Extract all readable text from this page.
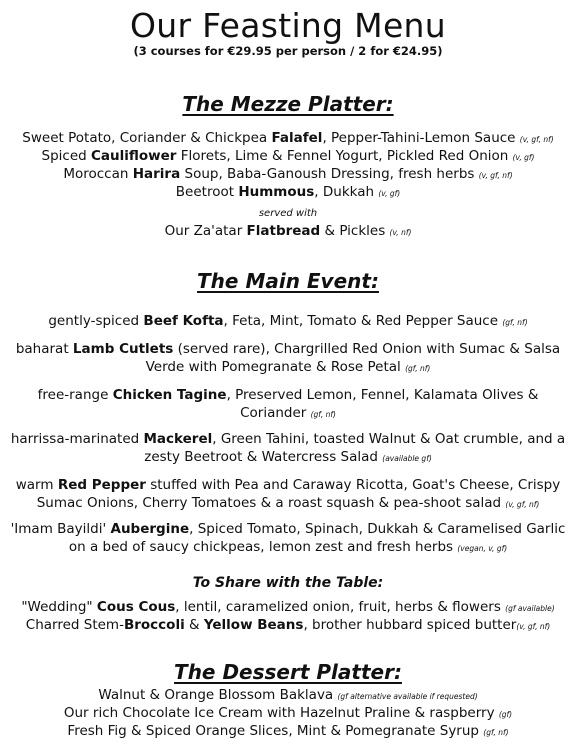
Our Feasting Menu
(3 courses for €29.95 per person / 2 for €24.95)
The Mezze Platter:
Sweet Potato, Coriander & Chickpea Falafel, Pepper-Tahini-Lemon Sauce (v, gf, nf)
Spiced Cauliflower Florets, Lime & Fennel Yogurt, Pickled Red Onion (v, gf)
Moroccan Harira Soup, Baba-Ganoush Dressing, fresh herbs (v, gf, nf)
Beetroot Hummous, Dukkah (v, gf)
served with
Our Za'atar Flatbread & Pickles (v, nf)
The Main Event:
gently-spiced Beef Kofta, Feta, Mint, Tomato & Red Pepper Sauce (gf, nf)
baharat Lamb Cutlets (served rare), Chargrilled Red Onion with Sumac & Salsa Verde with Pomegranate & Rose Petal (gf, nf)
free-range Chicken Tagine, Preserved Lemon, Fennel, Kalamata Olives & Coriander (gf, nf)
harrissa-marinated Mackerel, Green Tahini, toasted Walnut & Oat crumble, and a zesty Beetroot & Watercress Salad (available gf)
warm Red Pepper stuffed with Pea and Caraway Ricotta, Goat's Cheese, Crispy Sumac Onions, Cherry Tomatoes & a roast squash & pea-shoot salad (v, gf, nf)
'Imam Bayildi' Aubergine, Spiced Tomato, Spinach, Dukkah & Caramelised Garlic on a bed of saucy chickpeas, lemon zest and fresh herbs (vegan, v, gf)
To Share with the Table:
"Wedding" Cous Cous, lentil, caramelized onion, fruit, herbs & flowers (gf available)
Charred Stem-Broccoli & Yellow Beans, brother hubbard spiced butter(v, gf, nf)
The Dessert Platter:
Walnut & Orange Blossom Baklava (gf alternative available if requested)
Our rich Chocolate Ice Cream with Hazelnut Praline & raspberry (gf)
Fresh Fig & Spiced Orange Slices, Mint & Pomegranate Syrup (gf, nf)
